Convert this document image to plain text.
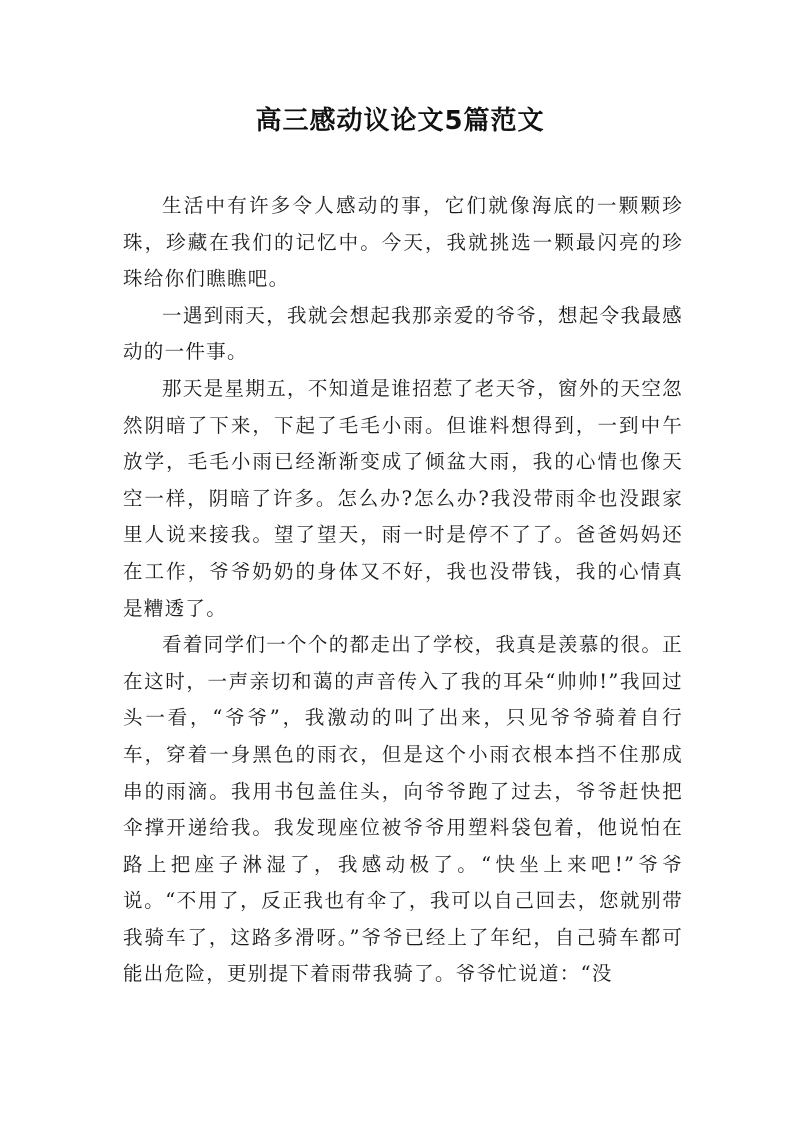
高三感动议论文5篇范文

生活中有许多令人感动的事，它们就像海底的一颗颗珍珠，珍藏在我们的记忆中。今天，我就挑选一颗最闪亮的珍珠给你们瞧瞧吧。

一遇到雨天，我就会想起我那亲爱的爷爷，想起令我最感动的一件事。

那天是星期五，不知道是谁招惹了老天爷，窗外的天空忽然阴暗了下来，下起了毛毛小雨。但谁料想得到，一到中午放学，毛毛小雨已经渐渐变成了倾盆大雨，我的心情也像天空一样，阴暗了许多。怎么办?怎么办?我没带雨伞也没跟家里人说来接我。望了望天，雨一时是停不了了。爸爸妈妈还在工作，爷爷奶奶的身体又不好，我也没带钱，我的心情真是糟透了。

看着同学们一个个的都走出了学校，我真是羡慕的很。正在这时，一声亲切和蔼的声音传入了我的耳朵“帅帅!”我回过头一看，“爷爷”，我激动的叫了出来，只见爷爷骑着自行车，穿着一身黑色的雨衣，但是这个小雨衣根本挡不住那成串的雨滴。我用书包盖住头，向爷爷跑了过去，爷爷赶快把伞撑开递给我。我发现座位被爷爷用塑料袋包着，他说怕在路上把座子淋湿了，我感动极了。“快坐上来吧!”爷爷说。“不用了，反正我也有伞了，我可以自己回去，您就别带我骑车了，这路多滑呀。”爷爷已经上了年纪，自己骑车都可能出危险，更别提下着雨带我骑了。爷爷忙说道：“没
